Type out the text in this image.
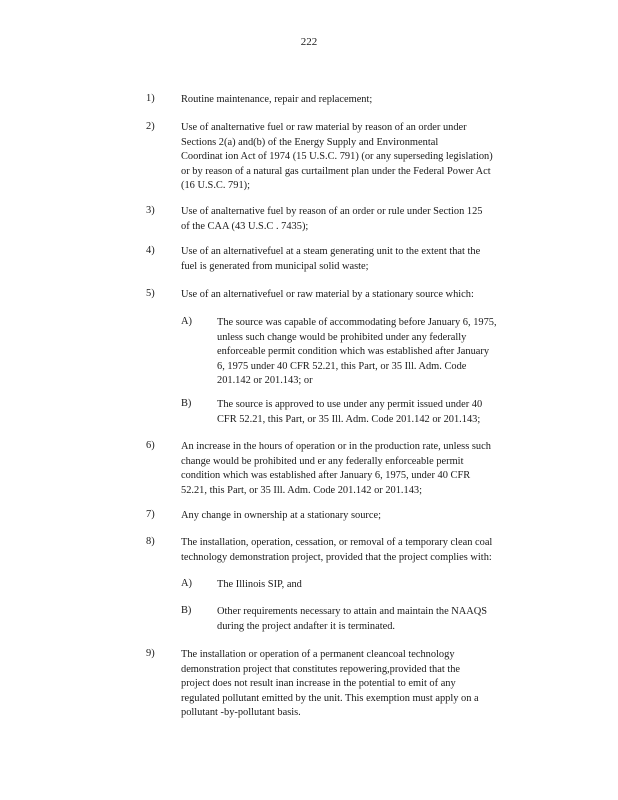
222
1)	Routine maintenance, repair and replacement;
2)	Use of analternative fuel or raw material by reason of an order under
Sections 2(a) and(b) of the Energy Supply and Environmental
Coordinat ion Act of 1974 (15 U.S.C. 791) (or any superseding legislation)
or by reason of a natural gas curtailment plan under the Federal Power Act
(16 U.S.C. 791);
3)	Use of analternative fuel by reason of an order or rule under Section 125
of the CAA (43 U.S.C . 7435);
4)	Use of an alternativefuel at a steam generating unit to the extent that the
fuel is generated from municipal solid waste;
5)	Use of an alternativefuel or raw material by a stationary source which:
A)	The source was capable of accommodating before January 6, 1975,
unless such change would be prohibited under any federally
enforceable permit condition which was established after January
6, 1975 under 40 CFR 52.21, this Part, or 35 Ill. Adm. Code
201.142 or 201.143; or
B)	The source is approved to use under any permit issued under 40
CFR 52.21, this Part, or 35 Ill. Adm. Code 201.142 or 201.143;
6)	An increase in the hours of operation or in the production rate, unless such
change would be prohibited und er any federally enforceable permit
condition which was established after January 6, 1975, under 40 CFR
52.21, this Part, or 35 Ill. Adm. Code 201.142 or 201.143;
7)	Any change in ownership at a stationary source;
8)	The installation, operation, cessation, or removal of a temporary clean coal
technology demonstration project, provided that the project complies with:
A)	The Illinois SIP, and
B)	Other requirements necessary to attain and maintain the NAAQS
during the project andafter it is terminated.
9)	The installation or operation of a permanent cleancoal technology
demonstration project that constitutes repowering,provided that the
project does not result inan increase in the potential to emit of any
regulated pollutant emitted by the unit. This exemption must apply on a
pollutant -by-pollutant basis.
